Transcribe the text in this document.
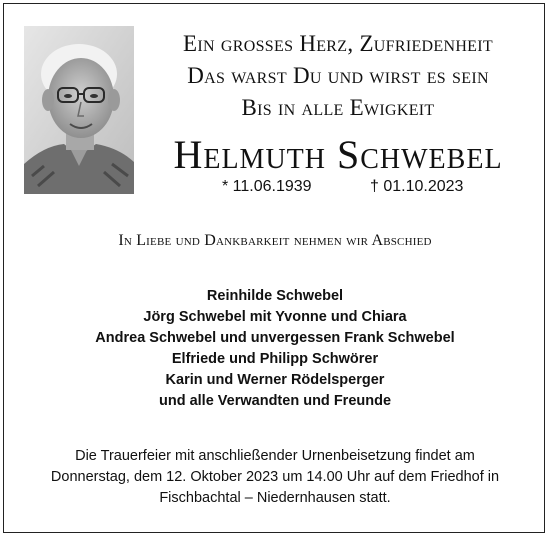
Ein grosses Herz, Zufriedenheit
Das warst Du und wirst es sein
Bis in alle Ewigkeit
Helmuth Schwebel
* 11.06.1939	† 01.10.2023
In Liebe und Dankbarkeit nehmen wir Abschied
Reinhilde Schwebel
Jörg Schwebel mit Yvonne und Chiara
Andrea Schwebel und unvergessen Frank Schwebel
Elfriede und Philipp Schwörer
Karin und Werner Rödelsperger
und alle Verwandten und Freunde
Die Trauerfeier mit anschließender Urnenbeisetzung findet am
Donnerstag, dem 12. Oktober 2023 um 14.00 Uhr auf dem Friedhof in
Fischbachtal – Niedernhausen statt.
